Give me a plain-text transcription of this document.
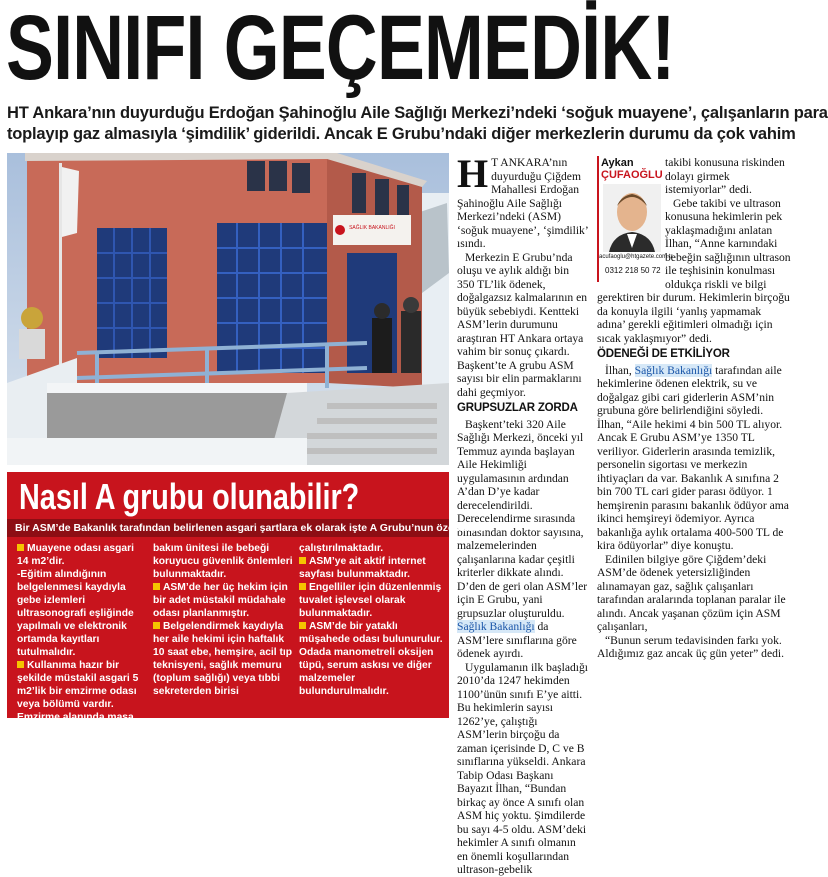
SINIFI GEÇEMEDİK!

HT Ankara’nın duyurduğu Erdoğan Şahinoğlu Aile Sağlığı Merkezi’ndeki ‘soğuk muayene’, çalışanların para

toplayıp gaz almasıyla ‘şimdilik’ giderildi. Ancak E Grubu’ndaki diğer merkezlerin durumu da çok vahim

SAĞLIK BAKANLIĞI
Aykan
ÇUFAOĞLU
acufaoglu@htgazete.com.tr
0312 218 50 72
H T ANKARA’nın duyurduğu Çiğdem Mahallesi Erdoğan Şahinoğlu Aile Sağlığı Merkezi’ndeki (ASM) ‘soğuk muayene’, ‘şimdilik’ ısındı.

Merkezin E Grubu’nda oluşu ve aylık aldığı bin 350 TL’lik ödenek, doğalgazsız kalmalarının en büyük sebebiydi. Kentteki ASM’lerin durumunu araştıran HT Ankara ortaya vahim bir sonuç çıkardı. Başkent’te A grubu ASM sayısı bir elin parmaklarını dahi geçmiyor.

GRUPSUZLAR ZORDA

Başkent’teki 320 Aile Sağlığı Merkezi, önceki yıl Temmuz ayında başlayan Aile Hekimliği uygulamasının ardından A’dan D’ye kadar derecelendirildi. Derecelendirme sırasında binasından doktor sayısına, malzemelerinden çalışanlarına kadar çeşitli kriterler dikkate alındı. D’den de geri olan ASM’ler için E Grubu, yani grupsuzlar oluşturuldu. Sağlık Bakanlığı da ASM’lere sınıflarına göre ödenek ayırdı.

Uygulamanın ilk başladığı 2010’da 1247 hekimden 1100’ünün sınıfı E’ye aitti. Bu hekimlerin sayısı 1262’ye, çalıştığı ASM’lerin birçoğu da zaman içerisinde D, C ve B sınıflarına yükseldi. Ankara Tabip Odası Başkanı Bayazıt İlhan, “Bundan birkaç ay önce A sınıfı olan ASM hiç yoktu. Şimdilerde bu sayı 4-5 oldu. ASM’deki hekimler A sınıfı olmanın en önemli koşullarından ultrason-gebelik

takibi konusuna riskinden dolayı girmek istemiyorlar” dedi.

Gebe takibi ve ultrason konusuna hekimlerin pek yaklaşmadığını anlatan İlhan, “Anne karnındaki bebeğin sağlığının ultrason ile teşhisinin konulması oldukça riskli ve bilgi gerektiren bir durum. Hekimlerin birçoğu da konuyla ilgili ‘yanlış yapmamak adına’ gerekli eğitimleri olmadığı için sıcak yaklaşmıyor” dedi.

ÖDENEĞİ DE ETKİLİYOR

İlhan, Sağlık Bakanlığı tarafından aile hekimlerine ödenen elektrik, su ve doğalgaz gibi cari giderlerin ASM’nin grubuna göre belirlendiğini söyledi. İlhan, “Aile hekimi 4 bin 500 TL alıyor. Ancak E Grubu ASM’ye 1350 TL veriliyor. Giderlerin arasında temizlik, personelin sigortası ve merkezin ihtiyaçları da var. Bakanlık A sınıfına 2 bin 700 TL cari gider parası ödüyor. 1 hemşirenin parasını bakanlık ödüyor ama ikinci hemşireyi ödemiyor. Ayrıca bakanlığa aylık ortalama 400-500 TL de kira ödüyorlar” diye konuştu.

Edinilen bilgiye göre Çiğdem’deki ASM’de ödenek yetersizliğinden alınamayan gaz, sağlık çalışanları tarafından aralarında toplanan paralar ile alındı. Ancak yaşanan çözüm için ASM çalışanları,

“Bunun serum tedavisinden farkı yok. Aldığımız gaz ancak üç gün yeter” dedi.

Nasıl A grubu olunabilir?
Bir ASM’de Bakanlık tarafından belirlenen asgari şartlara ek olarak işte A Grubu’nun özellikleri

Muayene odası asgari 14 m2’dir.

-Eğitim alındığının belgelenmesi kaydıyla gebe izlemleri ultrasonografi eşliğinde yapılmalı ve elektronik ortamda kayıtları tutulmalıdır.

Kullanıma hazır bir şekilde müstakil asgari 5 m2’lik bir emzirme odası veya bölümü vardır. Emzirme alanında masa, oturma grubu ve bebek

bakım ünitesi ile bebeği koruyucu güvenlik önlemleri bulunmaktadır.

ASM’de her üç hekim için bir adet müstakil müdahale odası planlanmıştır.

Belgelendirmek kaydıyla her aile hekimi için haftalık 10 saat ebe, hemşire, acil tıp teknisyeni, sağlık memuru (toplum sağlığı) veya tıbbi sekreterden birisi

çalıştırılmaktadır.

ASM’ye ait aktif internet sayfası bulunmaktadır.

Engelliler için düzenlenmiş tuvalet işlevsel olarak bulunmaktadır.

ASM’de bir yataklı müşahede odası bulunurulur. Odada manometreli oksijen tüpü, serum askısı ve diğer malzemeler bulundurulmalıdır.
